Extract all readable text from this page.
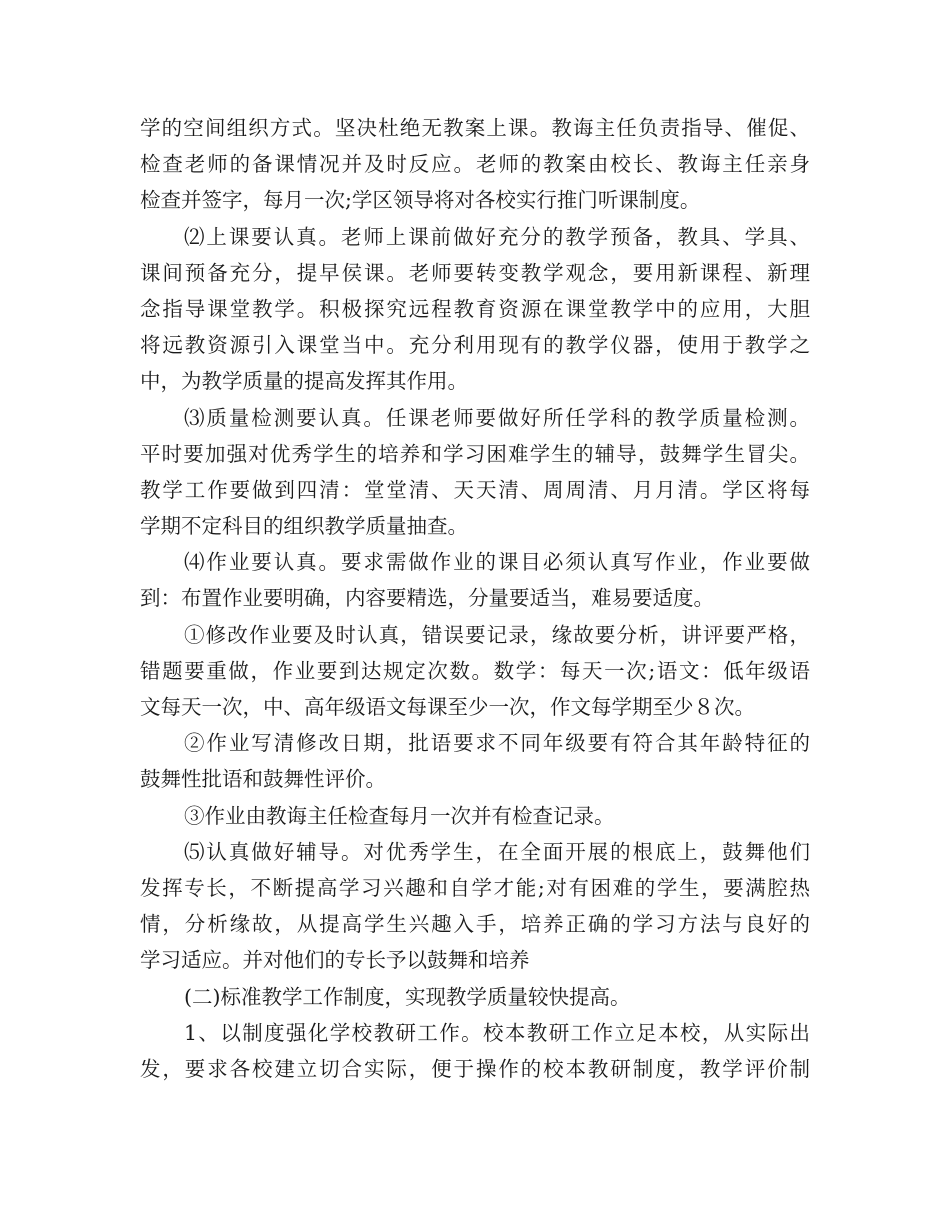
学的空间组织方式。坚决杜绝无教案上课。教诲主任负责指导、催促、
检查老师的备课情况并及时反应。老师的教案由校长、教诲主任亲身
检查并签字，每月一次;学区领导将对各校实行推门听课制度。
⑵上课要认真。老师上课前做好充分的教学预备，教具、学具、
课间预备充分，提早侯课。老师要转变教学观念，要用新课程、新理
念指导课堂教学。积极探究远程教育资源在课堂教学中的应用，大胆
将远教资源引入课堂当中。充分利用现有的教学仪器，使用于教学之
中，为教学质量的提高发挥其作用。
⑶质量检测要认真。任课老师要做好所任学科的教学质量检测。
平时要加强对优秀学生的培养和学习困难学生的辅导，鼓舞学生冒尖。
教学工作要做到四清：堂堂清、天天清、周周清、月月清。学区将每
学期不定科目的组织教学质量抽查。
⑷作业要认真。要求需做作业的课目必须认真写作业，作业要做
到：布置作业要明确，内容要精选，分量要适当，难易要适度。
①修改作业要及时认真，错误要记录，缘故要分析，讲评要严格，
错题要重做，作业要到达规定次数。数学：每天一次;语文：低年级语
文每天一次，中、高年级语文每课至少一次，作文每学期至少８次。
②作业写清修改日期，批语要求不同年级要有符合其年龄特征的
鼓舞性批语和鼓舞性评价。
③作业由教诲主任检查每月一次并有检查记录。
⑸认真做好辅导。对优秀学生，在全面开展的根底上，鼓舞他们
发挥专长，不断提高学习兴趣和自学才能;对有困难的学生，要满腔热
情，分析缘故，从提高学生兴趣入手，培养正确的学习方法与良好的
学习适应。并对他们的专长予以鼓舞和培养
(二)标准教学工作制度，实现教学质量较快提高。
1、以制度强化学校教研工作。校本教研工作立足本校，从实际出
发，要求各校建立切合实际，便于操作的校本教研制度，教学评价制
